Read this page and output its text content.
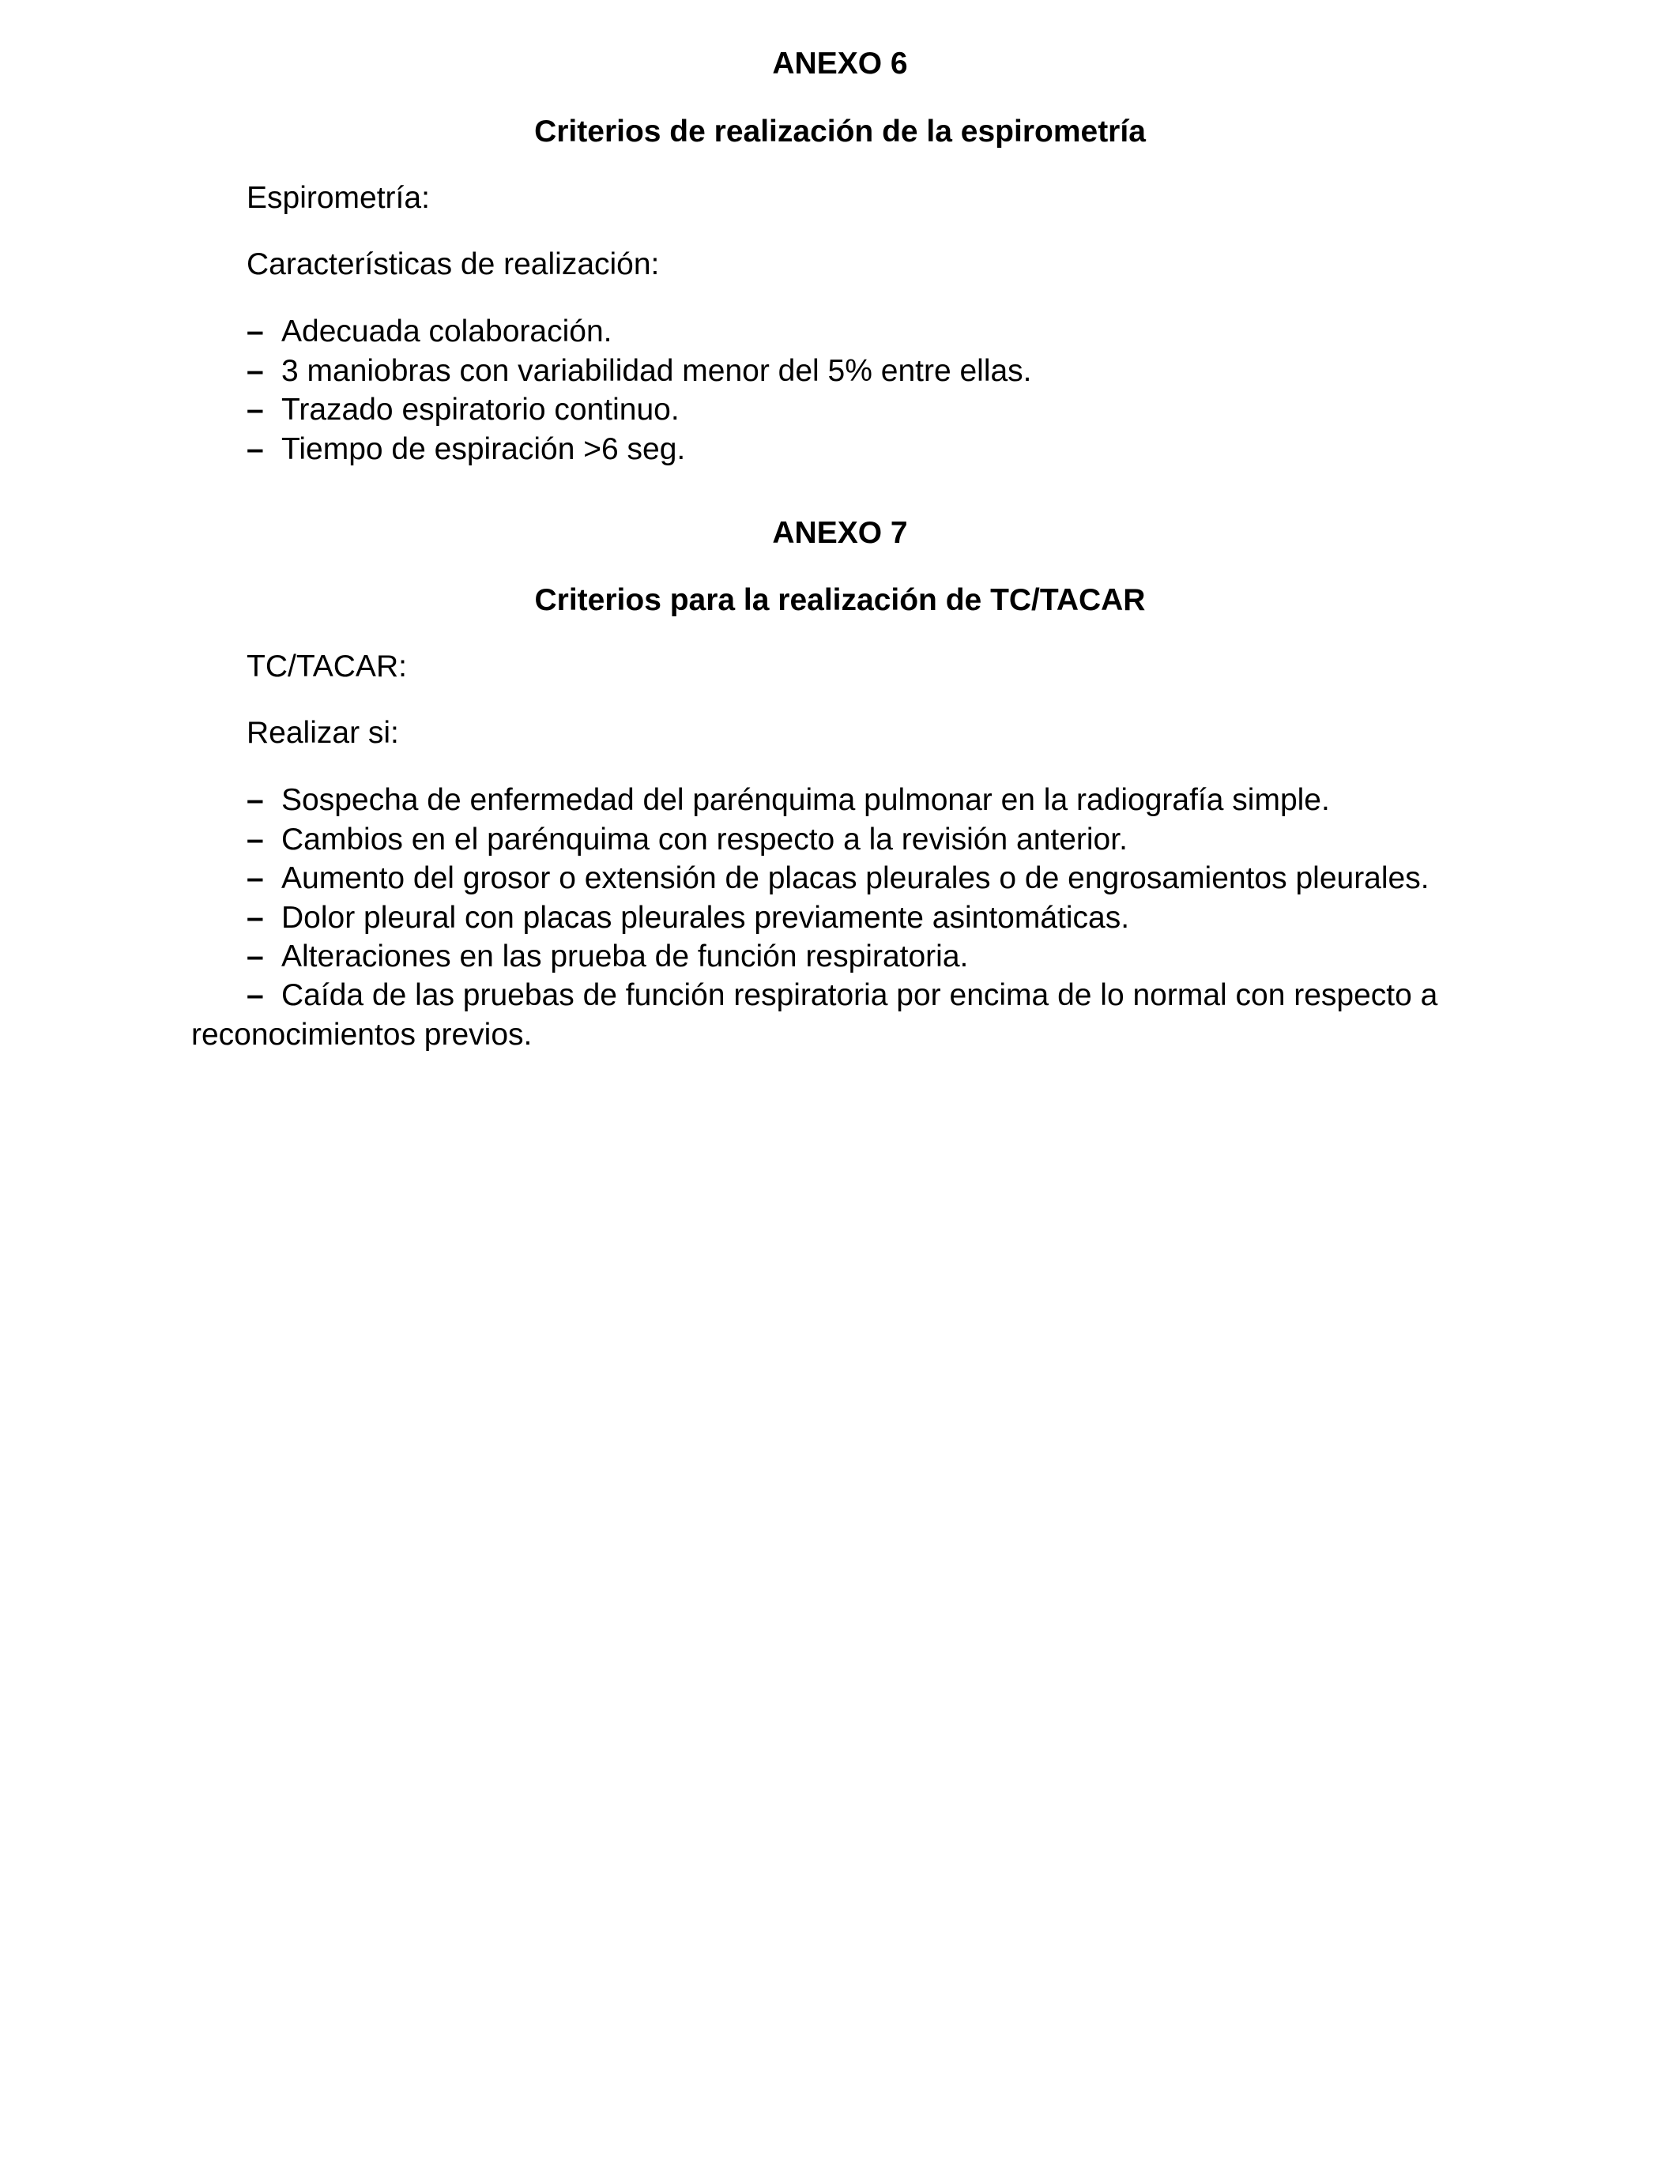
ANEXO 6
Criterios de realización de la espirometría
Espirometría:
Características de realización:
– Adecuada colaboración.
– 3 maniobras con variabilidad menor del 5% entre ellas.
– Trazado espiratorio continuo.
– Tiempo de espiración >6 seg.
ANEXO 7
Criterios para la realización de TC/TACAR
TC/TACAR:
Realizar si:
– Sospecha de enfermedad del parénquima pulmonar en la radiografía simple.
– Cambios en el parénquima con respecto a la revisión anterior.
– Aumento del grosor o extensión de placas pleurales o de engrosamientos pleurales.
– Dolor pleural con placas pleurales previamente asintomáticas.
– Alteraciones en las prueba de función respiratoria.
– Caída de las pruebas de función respiratoria por encima de lo normal con respecto a reconocimientos previos.
